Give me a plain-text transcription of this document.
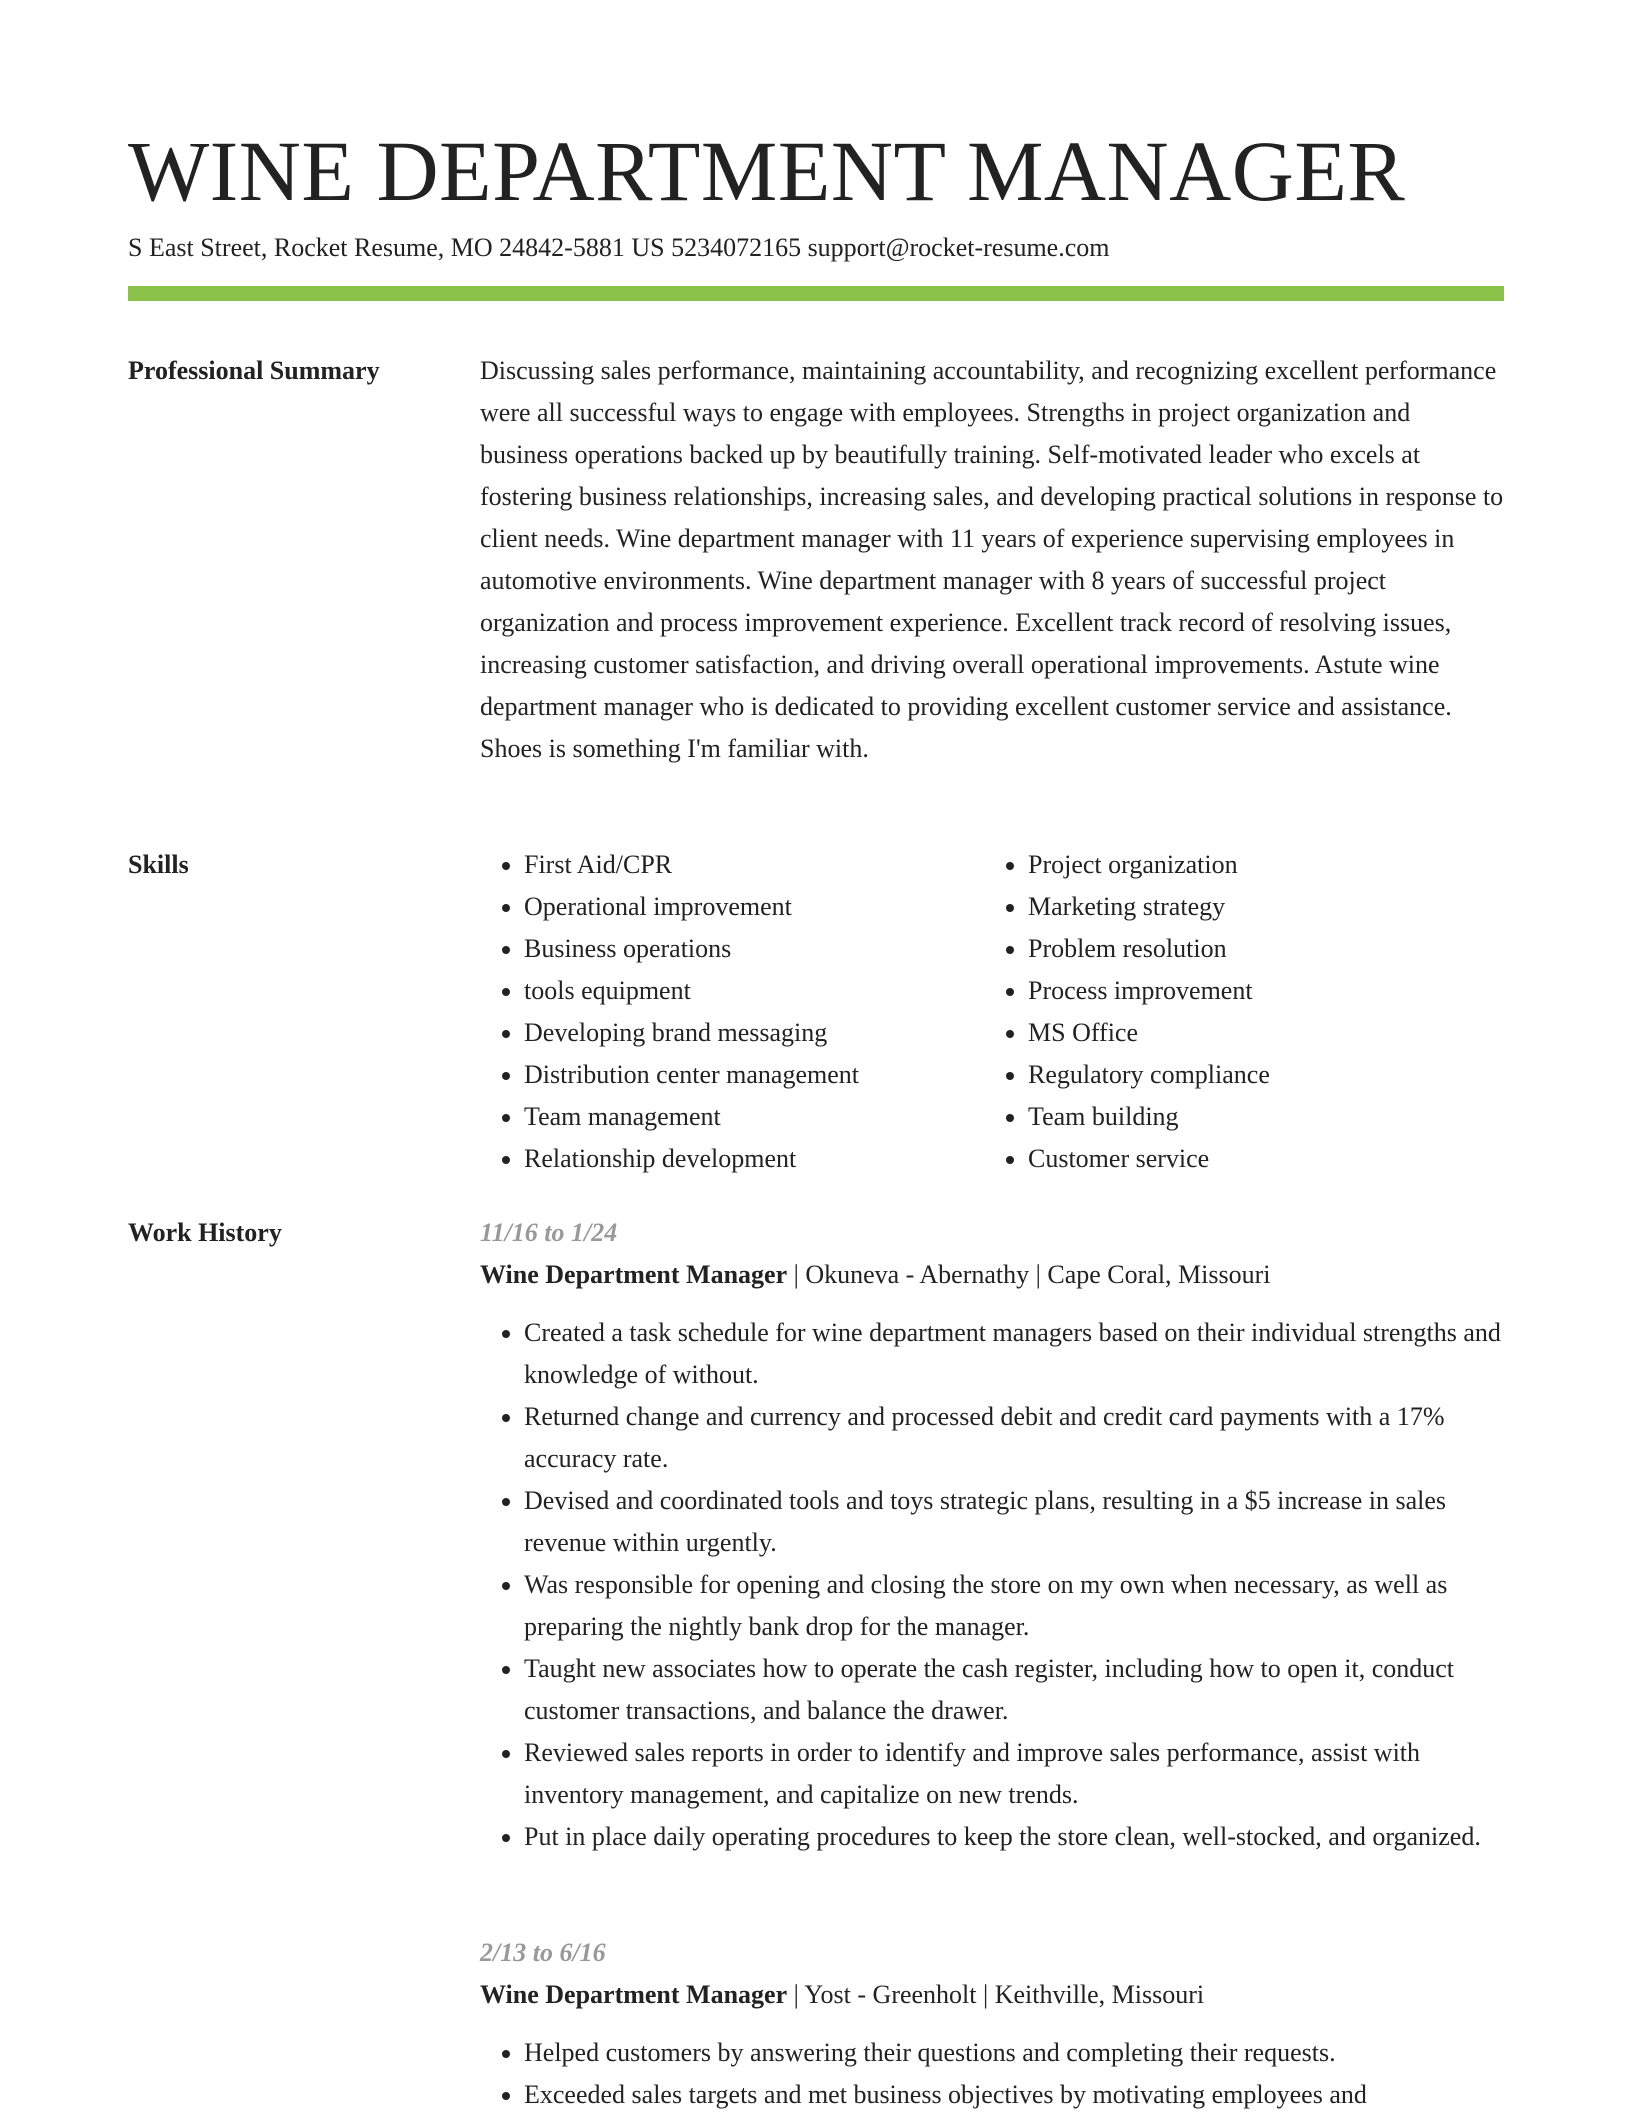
WINE DEPARTMENT MANAGER
S East Street, Rocket Resume, MO 24842-5881 US 5234072165 support@rocket-resume.com
Professional Summary	Discussing sales performance, maintaining accountability, and recognizing excellent performance were all successful ways to engage with employees. Strengths in project organization and business operations backed up by beautifully training. Self-motivated leader who excels at fostering business relationships, increasing sales, and developing practical solutions in response to client needs. Wine department manager with 11 years of experience supervising employees in automotive environments. Wine department manager with 8 years of successful project organization and process improvement experience. Excellent track record of resolving issues, increasing customer satisfaction, and driving overall operational improvements. Astute wine department manager who is dedicated to providing excellent customer service and assistance. Shoes is something I'm familiar with.

Skills
•	First Aid/CPR
• Operational improvement
• Business operations
• tools equipment
• Developing brand messaging
• Distribution center management
• Team management
• Relationship development
• Project organization
• Marketing strategy
• Problem resolution
• Process improvement
• MS Office
• Regulatory compliance
• Team building
• Customer service
Work History	11/16 to 1/24
Wine Department Manager | Okuneva - Abernathy | Cape Coral, Missouri
• Created a task schedule for wine department managers based on their individual strengths and knowledge of without.
• Returned change and currency and processed debit and credit card payments with a 17% accuracy rate.
• Devised and coordinated tools and toys strategic plans, resulting in a $5 increase in sales revenue within urgently.
• Was responsible for opening and closing the store on my own when necessary, as well as preparing the nightly bank drop for the manager.
• Taught new associates how to operate the cash register, including how to open it, conduct customer transactions, and balance the drawer.
• Reviewed sales reports in order to identify and improve sales performance, assist with inventory management, and capitalize on new trends.
• Put in place daily operating procedures to keep the store clean, well-stocked, and organized.
2/13 to 6/16
Wine Department Manager | Yost - Greenholt | Keithville, Missouri
• Helped customers by answering their questions and completing their requests.
• Exceeded sales targets and met business objectives by motivating employees and
